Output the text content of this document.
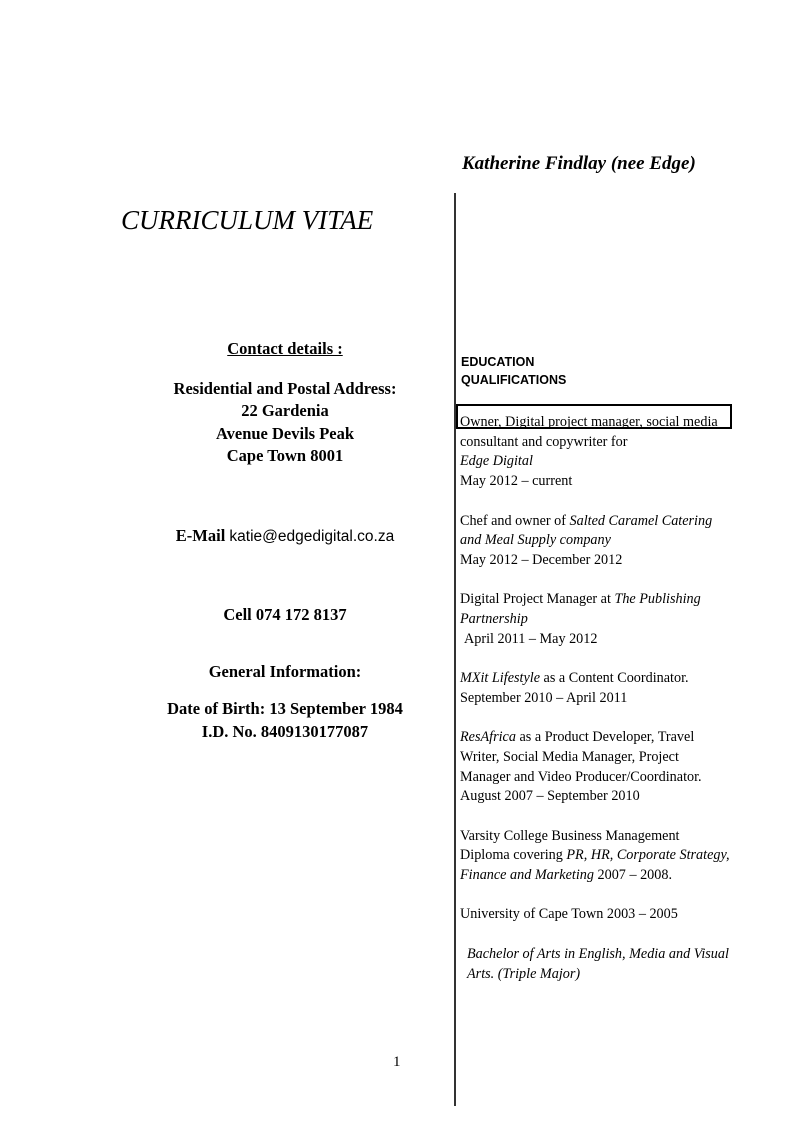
Katherine Findlay (nee Edge)
CURRICULUM VITAE

Contact details :

Residential and Postal Address:

22 Gardenia

Avenue Devils Peak

Cape Town 8001

E-Mail katie@edgedigital.co.za

Cell 074 172 8137

General Information:

Date of Birth: 13 September 1984

I.D. No. 8409130177087

EDUCATION
QUALIFICATIONS

Owner, Digital project manager, social media consultant and copywriter for
Edge Digital
May 2012 – current

Chef and owner of Salted Caramel Catering and Meal Supply company
May 2012 – December 2012

Digital Project Manager at The Publishing Partnership
April 2011 – May 2012

MXit Lifestyle as a Content Coordinator.
September 2010 – April 2011

ResAfrica as a Product Developer, Travel Writer, Social Media Manager, Project Manager and Video Producer/Coordinator. August 2007 – September 2010

Varsity College Business Management Diploma covering PR, HR, Corporate Strategy, Finance and Marketing 2007 – 2008.

University of Cape Town 2003 – 2005

Bachelor of Arts in English, Media and Visual Arts. (Triple Major)

1
